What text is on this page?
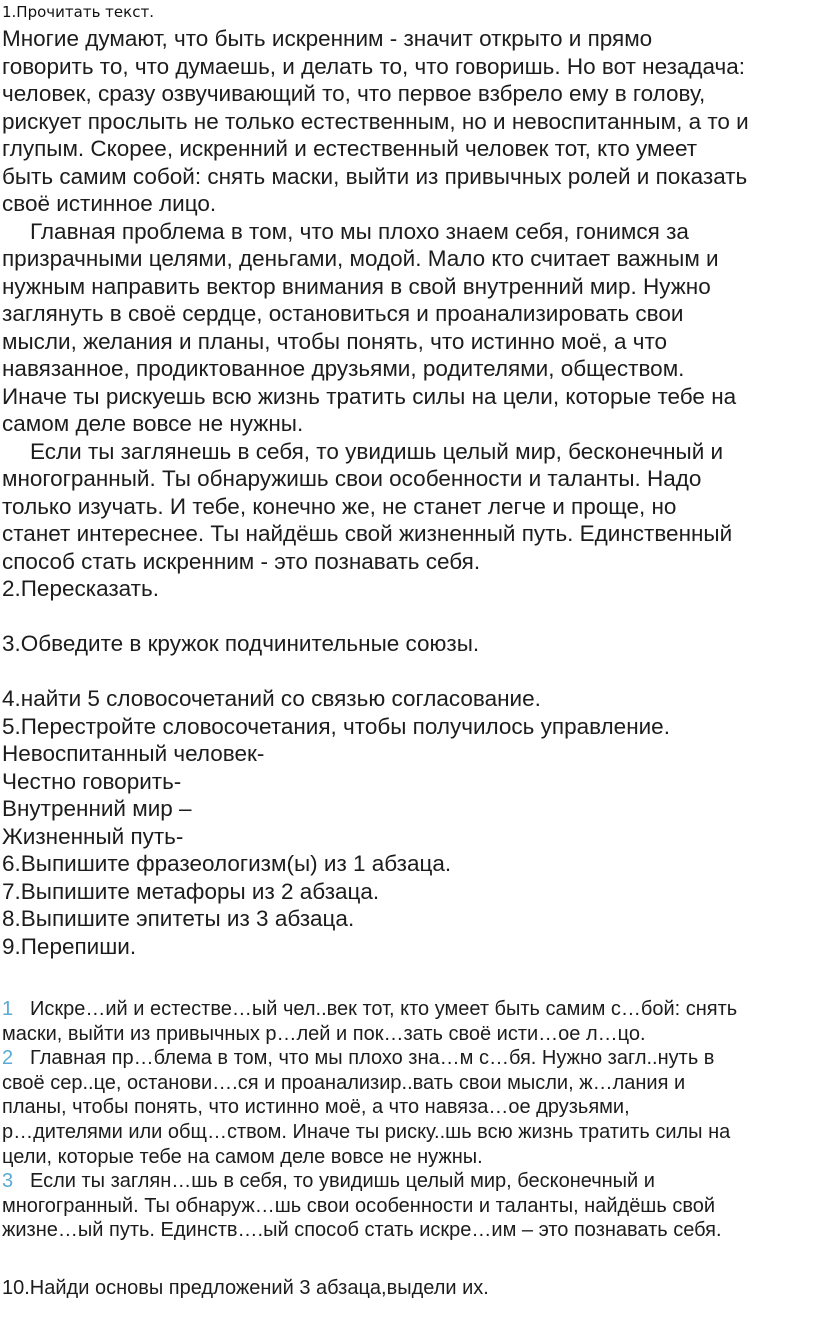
1.Прочитать текст.

Многие думают, что быть искренним - значит открыто и прямо

говорить то, что думаешь, и делать то, что говоришь. Но вот незадача:

человек, сразу озвучивающий то, что первое взбрело ему в голову,

рискует прослыть не только естественным, но и невоспитанным, а то и

глупым. Скорее, искренний и естественный человек тот, кто умеет

быть самим собой: снять маски, выйти из привычных ролей и показать

своё истинное лицо.

Главная проблема в том, что мы плохо знаем себя, гонимся за

призрачными целями, деньгами, модой. Мало кто считает важным и

нужным направить вектор внимания в свой внутренний мир. Нужно

заглянуть в своё сердце, остановиться и проанализировать свои

мысли, желания и планы, чтобы понять, что истинно моё, а что

навязанное, продиктованное друзьями, родителями, обществом.

Иначе ты рискуешь всю жизнь тратить силы на цели, которые тебе на

самом деле вовсе не нужны.

Если ты заглянешь в себя, то увидишь целый мир, бесконечный и

многогранный. Ты обнаружишь свои особенности и таланты. Надо

только изучать. И тебе, конечно же, не станет легче и проще, но

станет интереснее. Ты найдёшь свой жизненный путь. Единственный

способ стать искренним - это познавать себя.

2.Пересказать.

3.Обведите в кружок подчинительные союзы.

4.найти 5 словосочетаний со связью согласование.

5.Перестройте словосочетания, чтобы получилось управление.

Невоспитанный человек-

Честно говорить-

Внутренний мир –

Жизненный путь-

6.Выпишите фразеологизм(ы) из 1 абзаца.

7.Выпишите метафоры из 2 абзаца.

8.Выпишите эпитеты из 3 абзаца.

9.Перепиши.

1 Искре…ий и естестве…ый чел..век тот, кто умеет быть самим с…бой: снять

маски, выйти из привычных р…лей и пок…зать своё исти…ое л…цо.

2 Главная пр…блема в том, что мы плохо зна…м с…бя. Нужно загл..нуть в

своё сер..це, останови….ся и проанализир..вать свои мысли, ж…лания и

планы, чтобы понять, что истинно моё, а что навяза…ое друзьями,

р…дителями или общ…ством. Иначе ты риску..шь всю жизнь тратить силы на

цели, которые тебе на самом деле вовсе не нужны.

3 Если ты заглян…шь в себя, то увидишь целый мир, бесконечный и

многогранный. Ты обнаруж…шь свои особенности и таланты, найдёшь свой

жизне…ый путь. Единств….ый способ стать искре…им – это познавать себя.

10.Найди основы предложений 3 абзаца,выдели их.
